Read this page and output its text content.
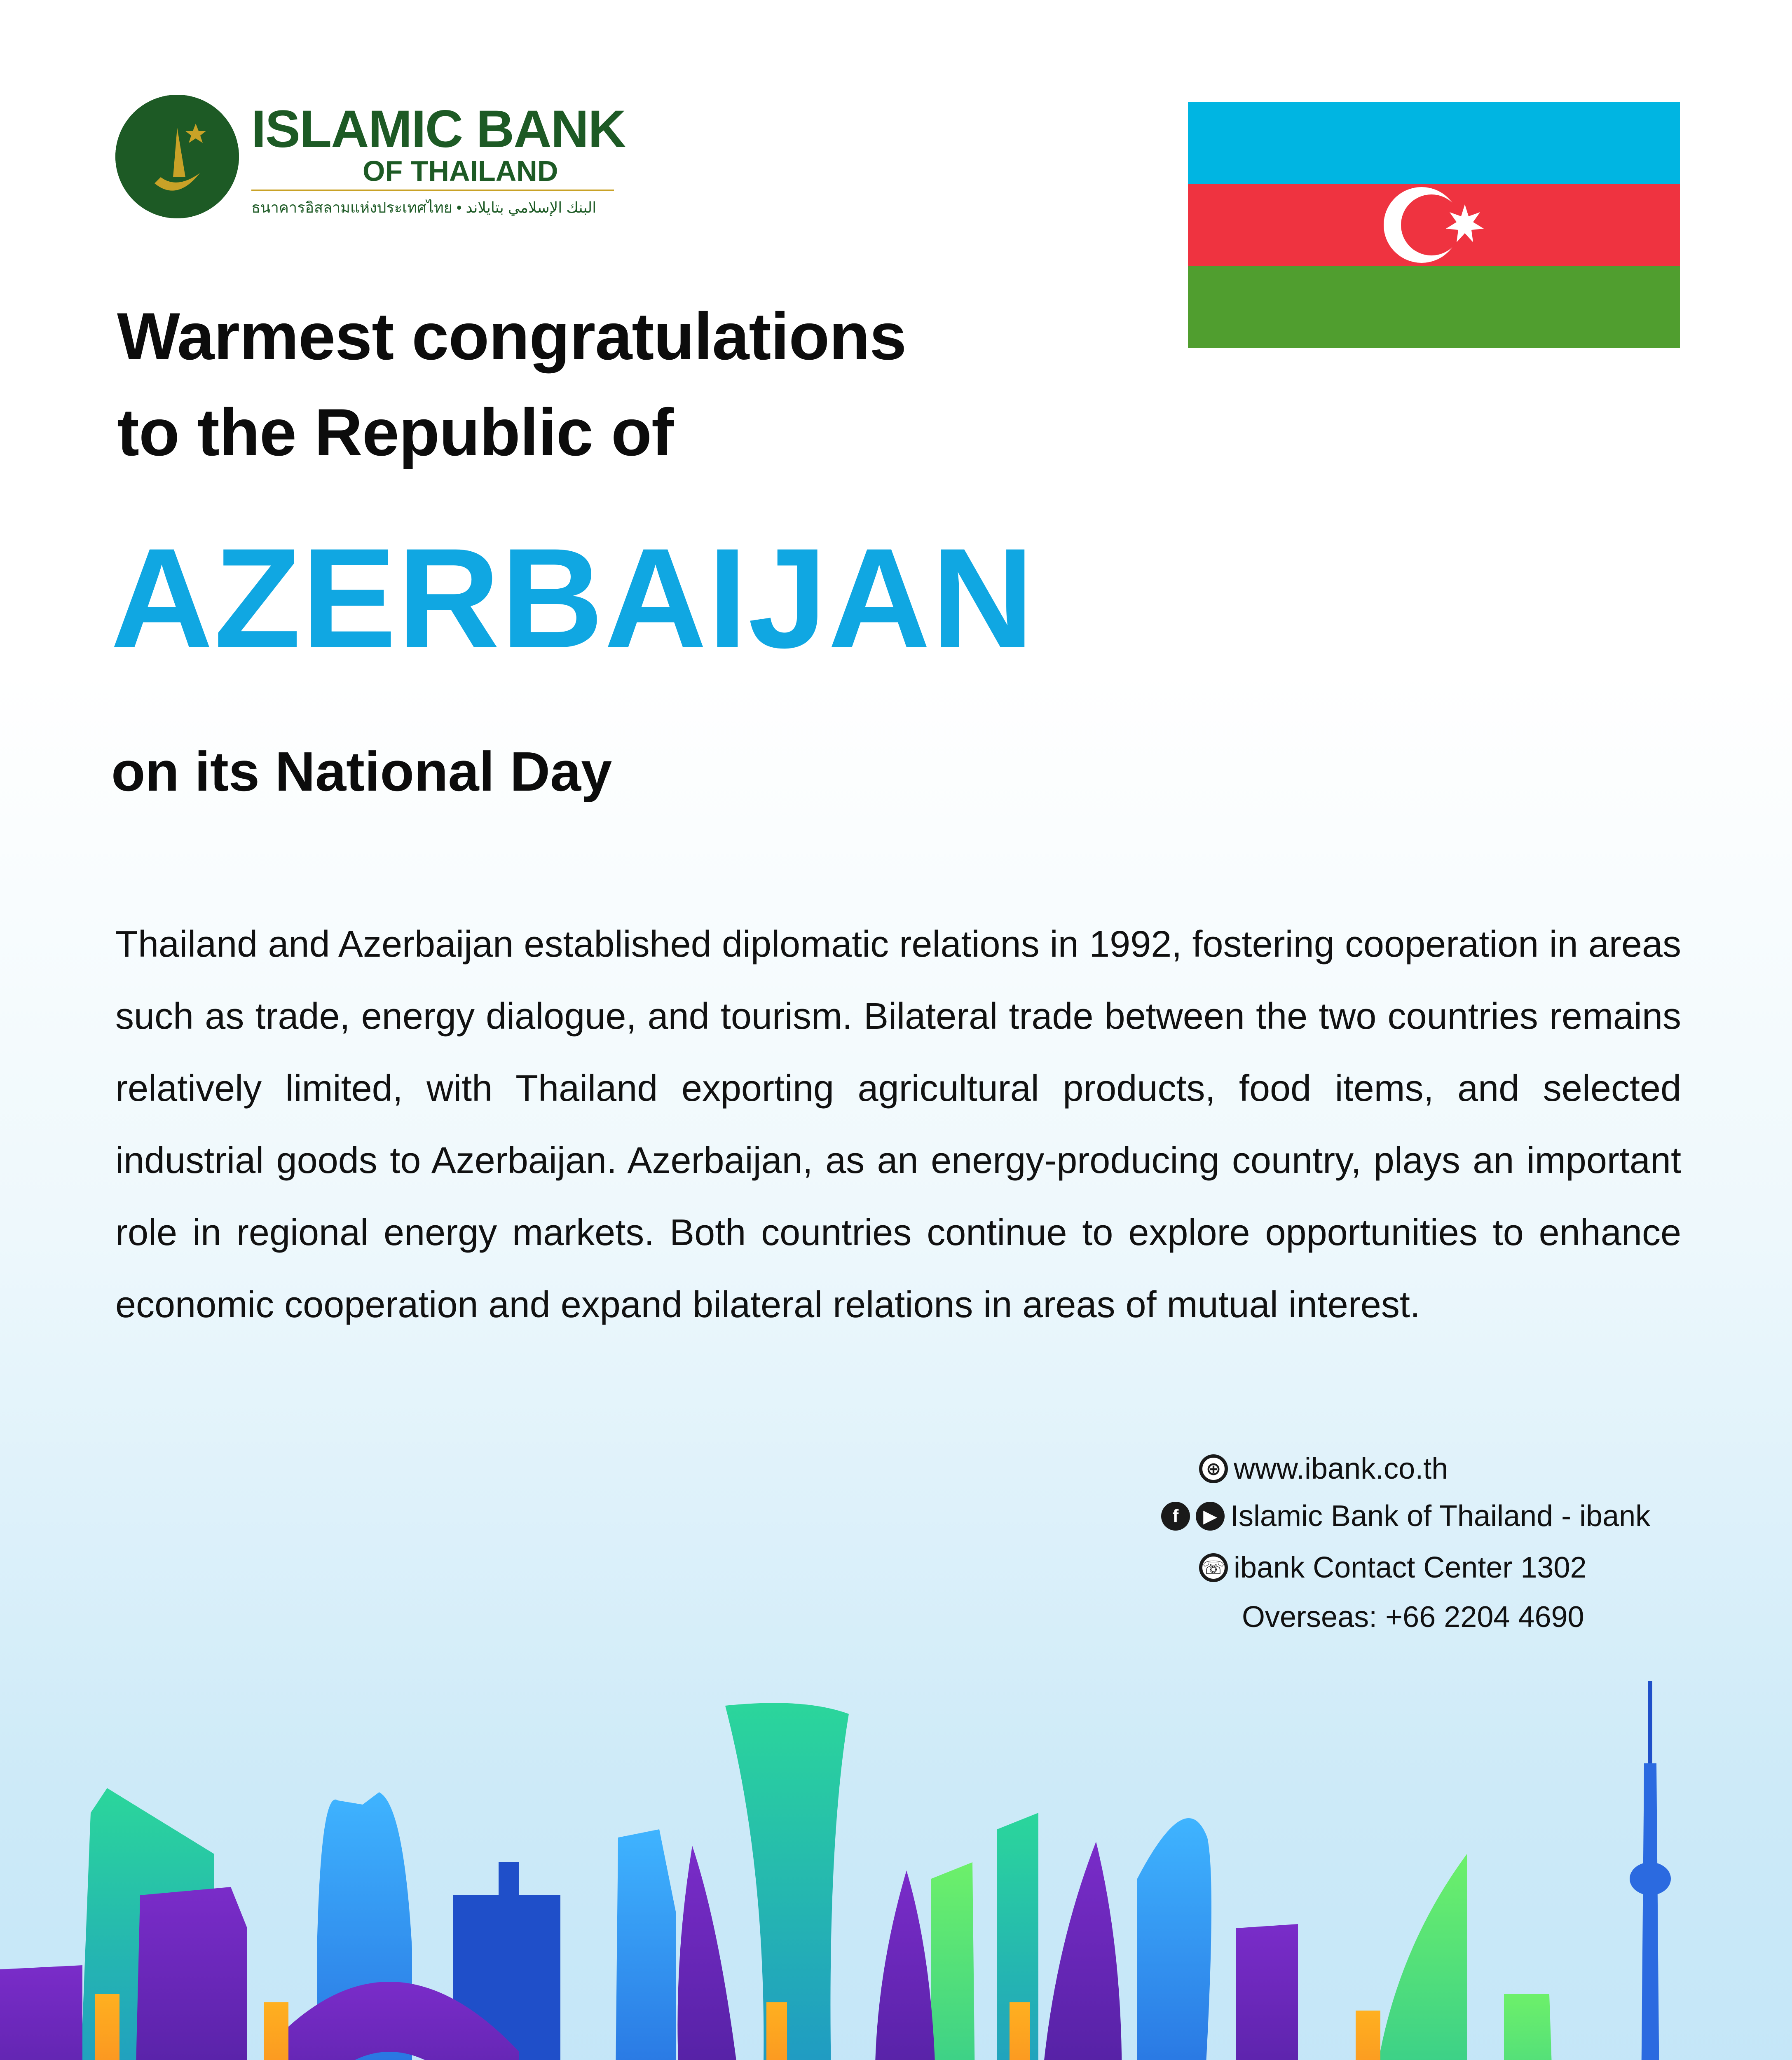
ISLAMIC BANK
OF THAILAND
ธนาคารอิสลามแห่งประเทศไทย • البنك الإسلامي بتايلاند
Warmest congratulations
to the Republic of
AZERBAIJAN
on its National Day
Thailand and Azerbaijan established diplomatic relations in 1992, fostering cooperation in areas such as trade, energy dialogue, and tourism. Bilateral trade between the two countries remains relatively limited, with Thailand exporting agricultural products, food items, and selected industrial goods to Azerbaijan. Azerbaijan, as an energy-producing country, plays an important role in regional energy markets. Both countries continue to explore opportunities to enhance economic cooperation and expand bilateral relations in areas of mutual interest.
⊕ www.ibank.co.th
f	▶ Islamic Bank of Thailand - ibank
☏ ibank Contact Center 1302
Overseas: +66 2204 4690
